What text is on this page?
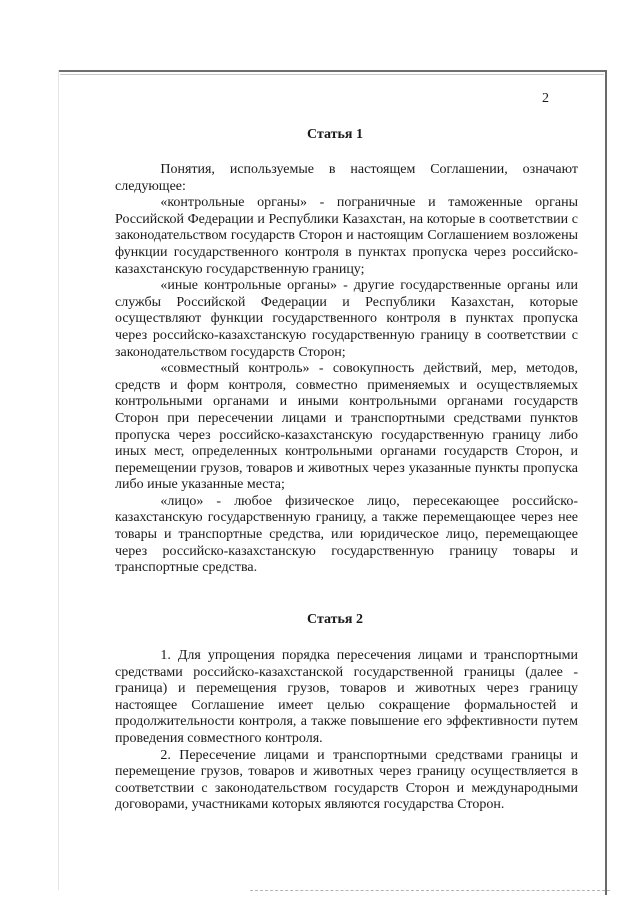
2
Статья 1

Понятия, используемые в настоящем Соглашении, означают следующее:

«контрольные органы» - пограничные и таможенные органы Российской Федерации и Республики Казахстан, на которые в соответствии с законодательством государств Сторон и настоящим Соглашением возложены функции государственного контроля в пунктах пропуска через российско-казахстанскую государственную границу;

«иные контрольные органы» - другие государственные органы или службы Российской Федерации и Республики Казахстан, которые осуществляют функции государственного контроля в пунктах пропуска через российско-казахстанскую государственную границу в соответствии с законодательством государств Сторон;

«совместный контроль» - совокупность действий, мер, методов, средств и форм контроля, совместно применяемых и осуществляемых контрольными органами и иными контрольными органами государств Сторон при пересечении лицами и транспортными средствами пунктов пропуска через российско-казахстанскую государственную границу либо иных мест, определенных контрольными органами государств Сторон, и перемещении грузов, товаров и животных через указанные пункты пропуска либо иные указанные места;

«лицо» - любое физическое лицо, пересекающее российско-казахстанскую государственную границу, а также перемещающее через нее товары и транспортные средства, или юридическое лицо, перемещающее через российско-казахстанскую государственную границу товары и транспортные средства.

Статья 2

1. Для упрощения порядка пересечения лицами и транспортными средствами российско-казахстанской государственной границы (далее - граница) и перемещения грузов, товаров и животных через границу настоящее Соглашение имеет целью сокращение формальностей и продолжительности контроля, а также повышение его эффективности путем проведения совместного контроля.

2. Пересечение лицами и транспортными средствами границы и перемещение грузов, товаров и животных через границу осуществляется в соответствии с законодательством государств Сторон и международными договорами, участниками которых являются государства Сторон.
